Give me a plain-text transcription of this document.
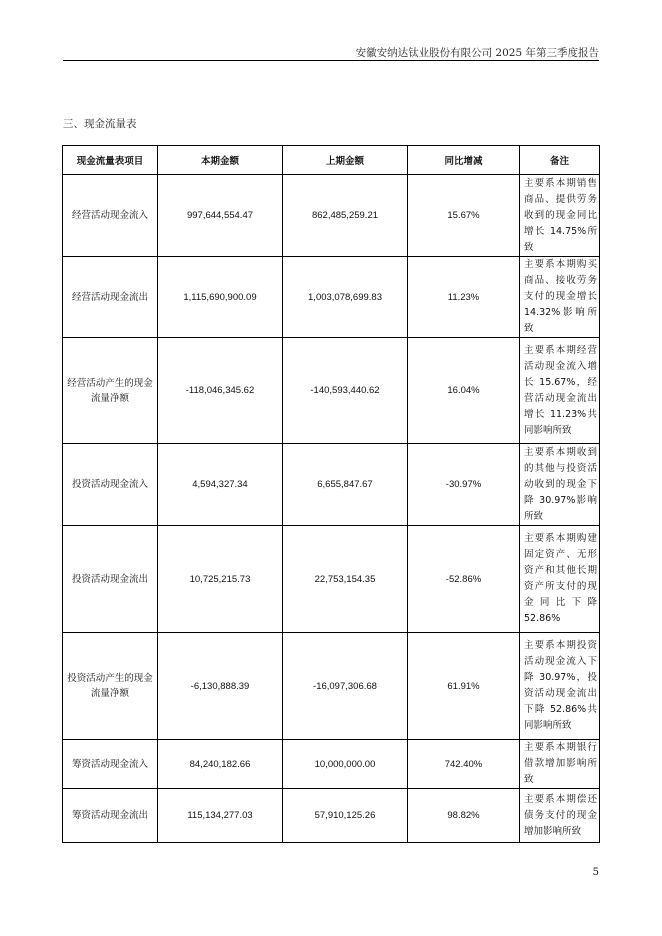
安徽安纳达钛业股份有限公司 2025 年第三季度报告
三、现金流量表
现金流量表项目	本期金额	上期金额	同比增减	备注
经营活动现金流入	997,644,554.47	862,485,259.21	15.67%	主要系本期销售商品、提供劳务收到的现金同比增长 14.75%所致
经营活动现金流出	1,115,690,900.09	1,003,078,699.83	11.23%	主要系本期购买商品、接收劳务支付的现金增长 14.32%影响所致
经营活动产生的现金流量净额	-118,046,345.62	-140,593,440.62	16.04%	主要系本期经营活动现金流入增长 15.67%，经营活动现金流出增长 11.23%共同影响所致
投资活动现金流入	4,594,327.34	6,655,847.67	-30.97%	主要系本期收到的其他与投资活动收到的现金下降 30.97%影响所致
投资活动现金流出	10,725,215.73	22,753,154.35	-52.86%	主要系本期购建固定资产、无形资产和其他长期资产所支付的现金同比下降 52.86%
投资活动产生的现金流量净额	-6,130,888.39	-16,097,306.68	61.91%	主要系本期投资活动现金流入下降 30.97%，投资活动现金流出下降 52.86%共同影响所致
筹资活动现金流入	84,240,182.66	10,000,000.00	742.40%	主要系本期银行借款增加影响所致
筹资活动现金流出	115,134,277.03	57,910,125.26	98.82%	主要系本期偿还债务支付的现金增加影响所致
5
